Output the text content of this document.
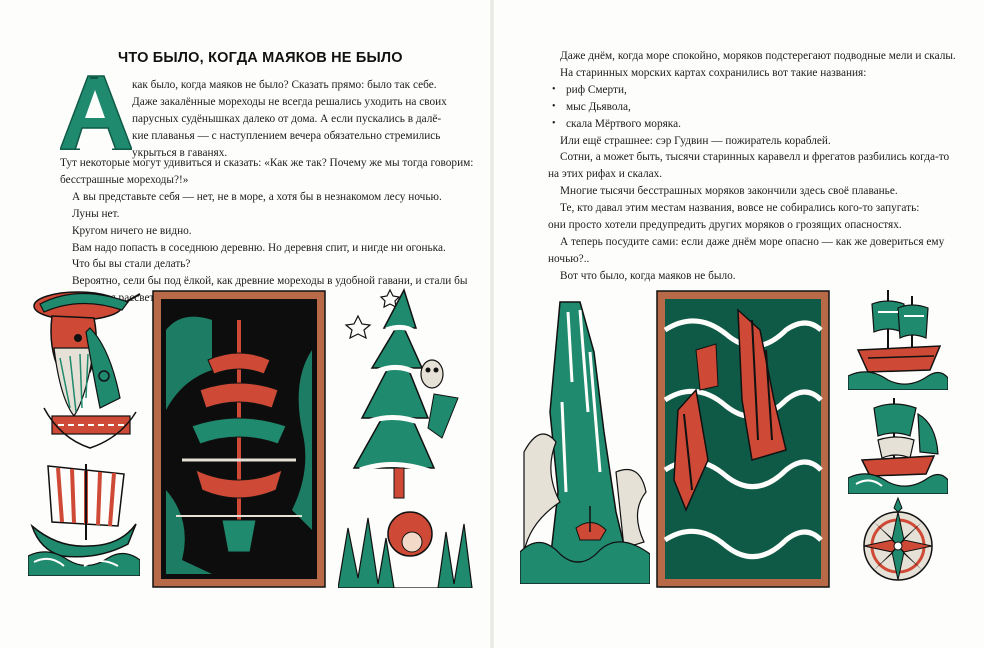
ЧТО БЫЛО, КОГДА МАЯКОВ НЕ БЫЛО
как было, когда маяков не было? Сказать прямо: было так себе.
Даже закалённые мореходы не всегда решались уходить на своих
парусных судёнышках далеко от дома. А если пускались в далё-
кие плаванья — с наступлением вечера обязательно стремились
укрыться в гаванях.
Тут некоторые могут удивиться и сказать: «Как же так? Почему же мы тогда говорим:
бесстрашные мореходы?!»
А вы представьте себя — нет, не в море, а хотя бы в незнакомом лесу ночью.
Луны нет.
Кругом ничего не видно.
Вам надо попасть в соседнюю деревню. Но деревня спит, и нигде ни огонька.
Что бы вы стали делать?
Вероятно, сели бы под ёлкой, как древние мореходы в удобной гавани, и стали бы
рассвета.
Даже днём, когда море спокойно, моряков подстерегают подводные мели и скалы.
На старинных морских картах сохранились вот такие названия:
• риф Смерти,
• мыс Дьявола,
• скала Мёртвого моряка.
Или ещё страшнее: сэр Гудвин — пожиратель кораблей.
Сотни, а может быть, тысячи старинных каравелл и фрегатов разбились когда-то
на этих рифах и скалах.
Многие тысячи бесстрашных моряков закончили здесь своё плаванье.
Те, кто давал этим местам названия, вовсе не собирались кого-то запугать:
они просто хотели предупредить других моряков о грозящих опасностях.
А теперь посудите сами: если даже днём море опасно — как же довериться ему
ночью?..
Вот что было, когда маяков не было.
